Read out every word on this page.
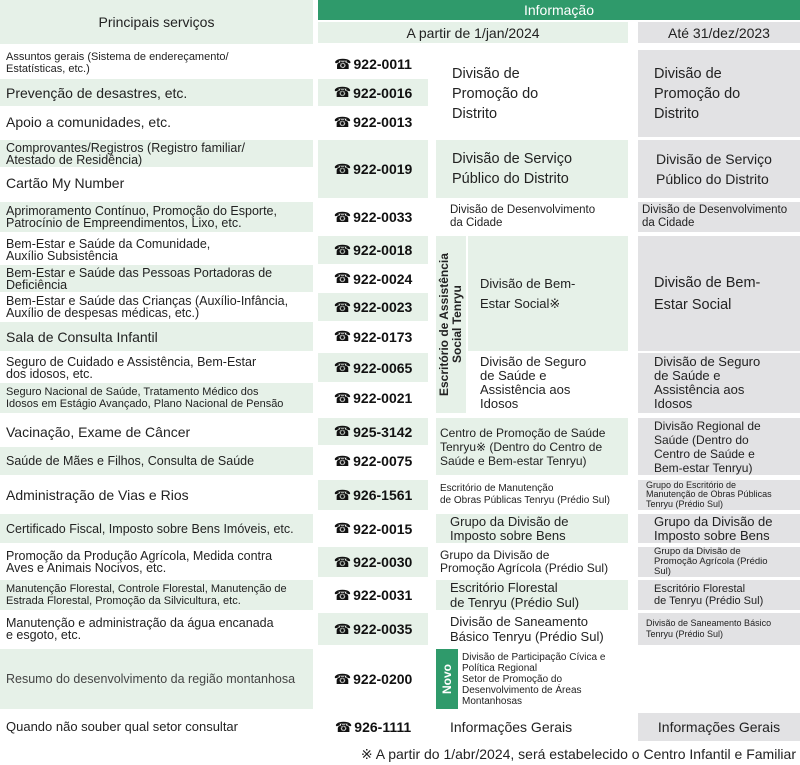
Principais serviços
Informação
A partir de 1/jan/2024	Até 31/dez/2023
Assuntos gerais (Sistema de endereçamento/
Estatísticas, etc.)
Prevenção de desastres, etc.
Apoio a comunidades, etc.
Comprovantes/Registros (Registro familiar/
Atestado de Residência)
Cartão My Number
Aprimoramento Contínuo, Promoção do Esporte,
Patrocínio de Empreendimentos, Lixo, etc.
Bem-Estar e Saúde da Comunidade,
Auxílio Subsistência
Bem-Estar e Saúde das Pessoas Portadoras de
Deficiência
Bem-Estar e Saúde das Crianças (Auxílio-Infância,
Auxílio de despesas médicas, etc.)
Sala de Consulta Infantil
Seguro de Cuidado e Assistência, Bem-Estar
dos idosos, etc.
Seguro Nacional de Saúde, Tratamento Médico dos
Idosos em Estágio Avançado, Plano Nacional de Pensão
Vacinação, Exame de Câncer
Saúde de Mães e Filhos, Consulta de Saúde
Administração de Vias e Rios
Certificado Fiscal, Imposto sobre Bens Imóveis, etc.
Promoção da Produção Agrícola, Medida contra
Aves e Animais Nocivos, etc.
Manutenção Florestal, Controle Florestal, Manutenção de
Estrada Florestal, Promoção da Silvicultura, etc.
Manutenção e administração da água encanada
e esgoto, etc.
Resumo do desenvolvimento da região montanhosa
Quando não souber qual setor consultar
☎ 922-0011
☎ 922-0016
☎ 922-0013
☎ 922-0019
☎ 922-0033
☎ 922-0018
☎ 922-0024
☎ 922-0023
☎ 922-0173
☎ 922-0065
☎ 922-0021
☎ 925-3142
☎ 922-0075
☎ 926-1561
☎ 922-0015
☎ 922-0030
☎ 922-0031
☎ 922-0035
☎ 922-0200
☎ 926-1111
Divisão de
Promoção do
Distrito
Divisão de Serviço
Público do Distrito
Divisão de Desenvolvimento
da Cidade
Escritório de Assistência
Social Tenryu
Divisão de Bem-
Estar Social※
Divisão de Seguro
de Saúde e
Assistência aos
Idosos
Centro de Promoção de Saúde
Tenryu※ (Dentro do Centro de
Saúde e Bem-estar Tenryu)
Escritório de Manutenção
de Obras Públicas Tenryu (Prédio Sul)
Grupo da Divisão de
Imposto sobre Bens
Grupo da Divisão de
Promoção Agrícola (Prédio Sul)
Escritório Florestal
de Tenryu (Prédio Sul)
Divisão de Saneamento
Básico Tenryu (Prédio Sul)
Novo
Divisão de Participação Cívica e
Política Regional
Setor de Promoção do
Desenvolvimento de Áreas
Montanhosas
Informações Gerais
Divisão de
Promoção do
Distrito
Divisão de Serviço
Público do Distrito
Divisão de Desenvolvimento
da Cidade
Divisão de Bem-
Estar Social
Divisão de Seguro
de Saúde e
Assistência aos
Idosos
Divisão Regional de
Saúde (Dentro do
Centro de Saúde e
Bem-estar Tenryu)
Grupo do Escritório de
Manutenção de Obras Públicas
Tenryu (Prédio Sul)
Grupo da Divisão de
Imposto sobre Bens
Grupo da Divisão de
Promoção Agrícola (Prédio
Sul)
Escritório Florestal
de Tenryu (Prédio Sul)
Divisão de Saneamento Básico
Tenryu (Prédio Sul)
Informações Gerais
※ A partir do 1/abr/2024, será estabelecido o Centro Infantil e Familiar
